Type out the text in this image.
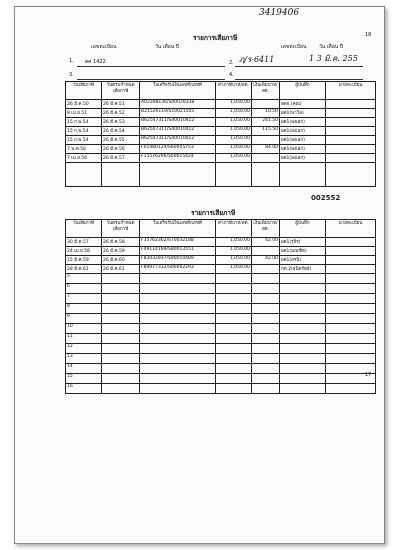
3419406
18
รายการเสียภาษี
เลขทะเบียน	วัน เดือน ปี	เลขทะเบียน	วัน เดือน ปี
1. ตศ 1422	2. ฦ/ร-6411	1 3 มิ.ค. 255
3.	4.
วันเสียภาษี	วันครบกำหนดเสียภาษี	ใบเสร็จรับเงินเลขที่/เลขที่	ค่าภาษีบาท/สต.	เงินเพิ่มบาท/สต.	ผู้บันทึก	นายทะเบียน
26 มี.ค.50	26 มี.ค.51	A02398136/S00020338	1,050.00		สตก.(คุณ)	
8 เม.ย.51	26 มี.ค.52	B21526119/S10021505	1,050.00	10.50	ผต1(พาวิล)	
15 ก.พ.54	26 มี.ค.53	B62547311/S40010412	1,050.00	241.50	ผต1(ลงเอก)	
15 ก.พ.54	26 มี.ค.54	B62547311/S40010412	1,050.00	115.50	ผต1(ลงเอก)	
15 ก.พ.54	26 มี.ค.55	B62547311/S40010412	1,050.00		ผต1(ลงเอก)	
7 พ.ค.56	26 มี.ค.56	F01480124/S60005753	1,050.00	84.00	ผต1(ลงเอก)	
7 เม.ย.56	26 มี.ค.57	F15576296/S60015424	1,050.00		ผต1(ลงเอก)	

002552
รายการเสียภาษี
วันเสียภาษี	วันครบกำหนดเสียภาษี	ใบเสร็จรับเงินเลขที่/เลขที่	ค่าภาษีบาท/สต.	เงินเพิ่มบาท/สต.	ผู้บันทึก	นายทะเบียน
30 มี.ค.57	26 มี.ค.58	F35762362/S70032188	1,050.00	42.00	ผต1(รุจิร)	
24 เม.ย.58	26 มี.ค.59	F49114169/S80013551	1,050.00		ผต1(มณฑิต)	
15 มี.ค.59	26 มี.ค.60	F83032937/S90010489	1,050.00	42.00	ผต1(อรนิ)	
28 มี.ค.61	26 มี.ค.61	F89077332/S00002293	1,050.00		กต.2(ธนิตร์ทย์)	
5						
6						
7						
8						
9						
10						
11						
12						
13						
14						
15						
16						
17
